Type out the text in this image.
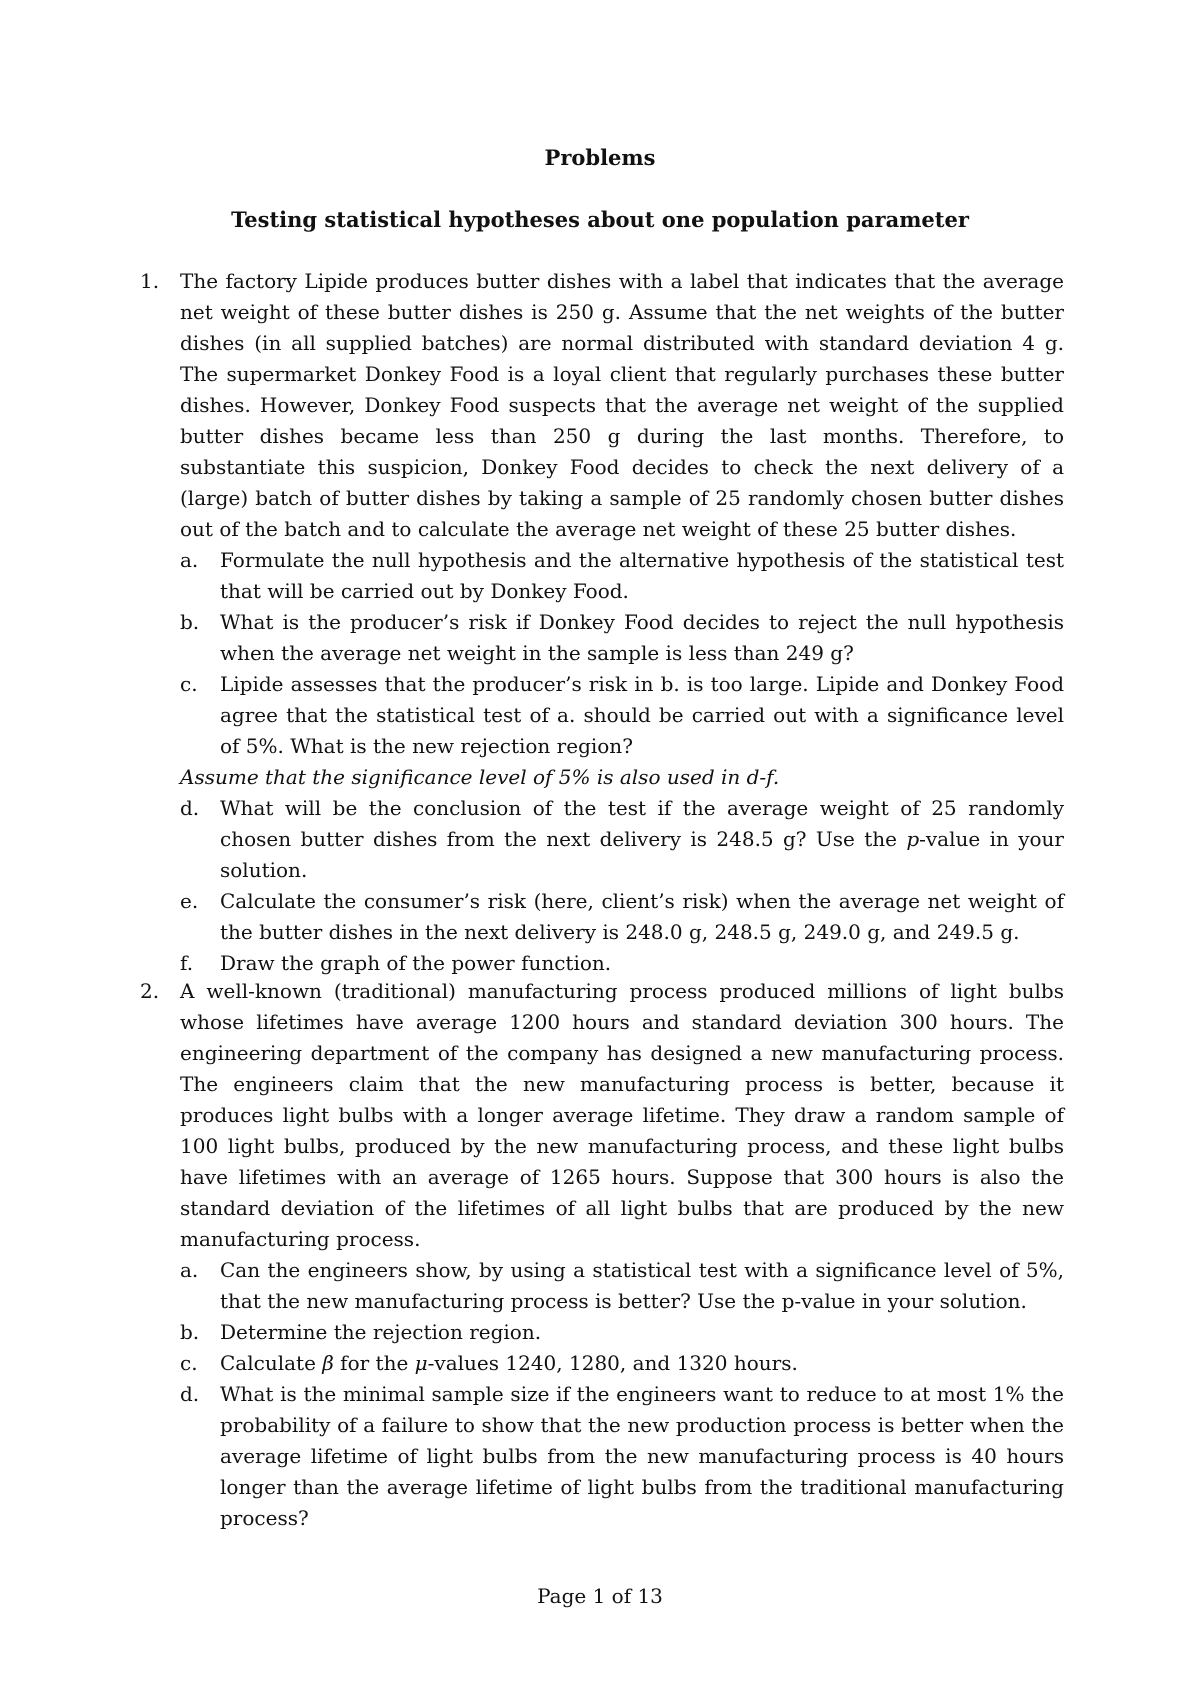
Problems
Testing statistical hypotheses about one population parameter
1.	The factory Lipide produces butter dishes with a label that indicates that the average net weight of these butter dishes is 250 g. Assume that the net weights of the butter dishes (in all supplied batches) are normal distributed with standard deviation 4 g. The supermarket Donkey Food is a loyal client that regularly purchases these butter dishes. However, Donkey Food suspects that the average net weight of the supplied butter dishes became less than 250 g during the last months. Therefore, to substantiate this suspicion, Donkey Food decides to check the next delivery of a (large) batch of butter dishes by taking a sample of 25 randomly chosen butter dishes out of the batch and to calculate the average net weight of these 25 butter dishes.
a. Formulate the null hypothesis and the alternative hypothesis of the statistical test that will be carried out by Donkey Food.
b. What is the producer’s risk if Donkey Food decides to reject the null hypothesis when the average net weight in the sample is less than 249 g?
c. Lipide assesses that the producer’s risk in b. is too large. Lipide and Donkey Food agree that the statistical test of a. should be carried out with a significance level of 5%. What is the new rejection region?
Assume that the significance level of 5% is also used in d-f.
d. What will be the conclusion of the test if the average weight of 25 randomly chosen butter dishes from the next delivery is 248.5 g? Use the p-value in your solution.
e. Calculate the consumer’s risk (here, client’s risk) when the average net weight of the butter dishes in the next delivery is 248.0 g, 248.5 g, 249.0 g, and 249.5 g.
f. Draw the graph of the power function.
2.	A well-known (traditional) manufacturing process produced millions of light bulbs whose lifetimes have average 1200 hours and standard deviation 300 hours. The engineering department of the company has designed a new manufacturing process. The engineers claim that the new manufacturing process is better, because it produces light bulbs with a longer average lifetime. They draw a random sample of 100 light bulbs, produced by the new manufacturing process, and these light bulbs have lifetimes with an average of 1265 hours. Suppose that 300 hours is also the standard deviation of the lifetimes of all light bulbs that are produced by the new manufacturing process.
a. Can the engineers show, by using a statistical test with a significance level of 5%, that the new manufacturing process is better? Use the p-value in your solution.
b. Determine the rejection region.
c. Calculate β for the μ-values 1240, 1280, and 1320 hours.
d. What is the minimal sample size if the engineers want to reduce to at most 1% the probability of a failure to show that the new production process is better when the average lifetime of light bulbs from the new manufacturing process is 40 hours longer than the average lifetime of light bulbs from the traditional manufacturing process?
Page 1 of 13
